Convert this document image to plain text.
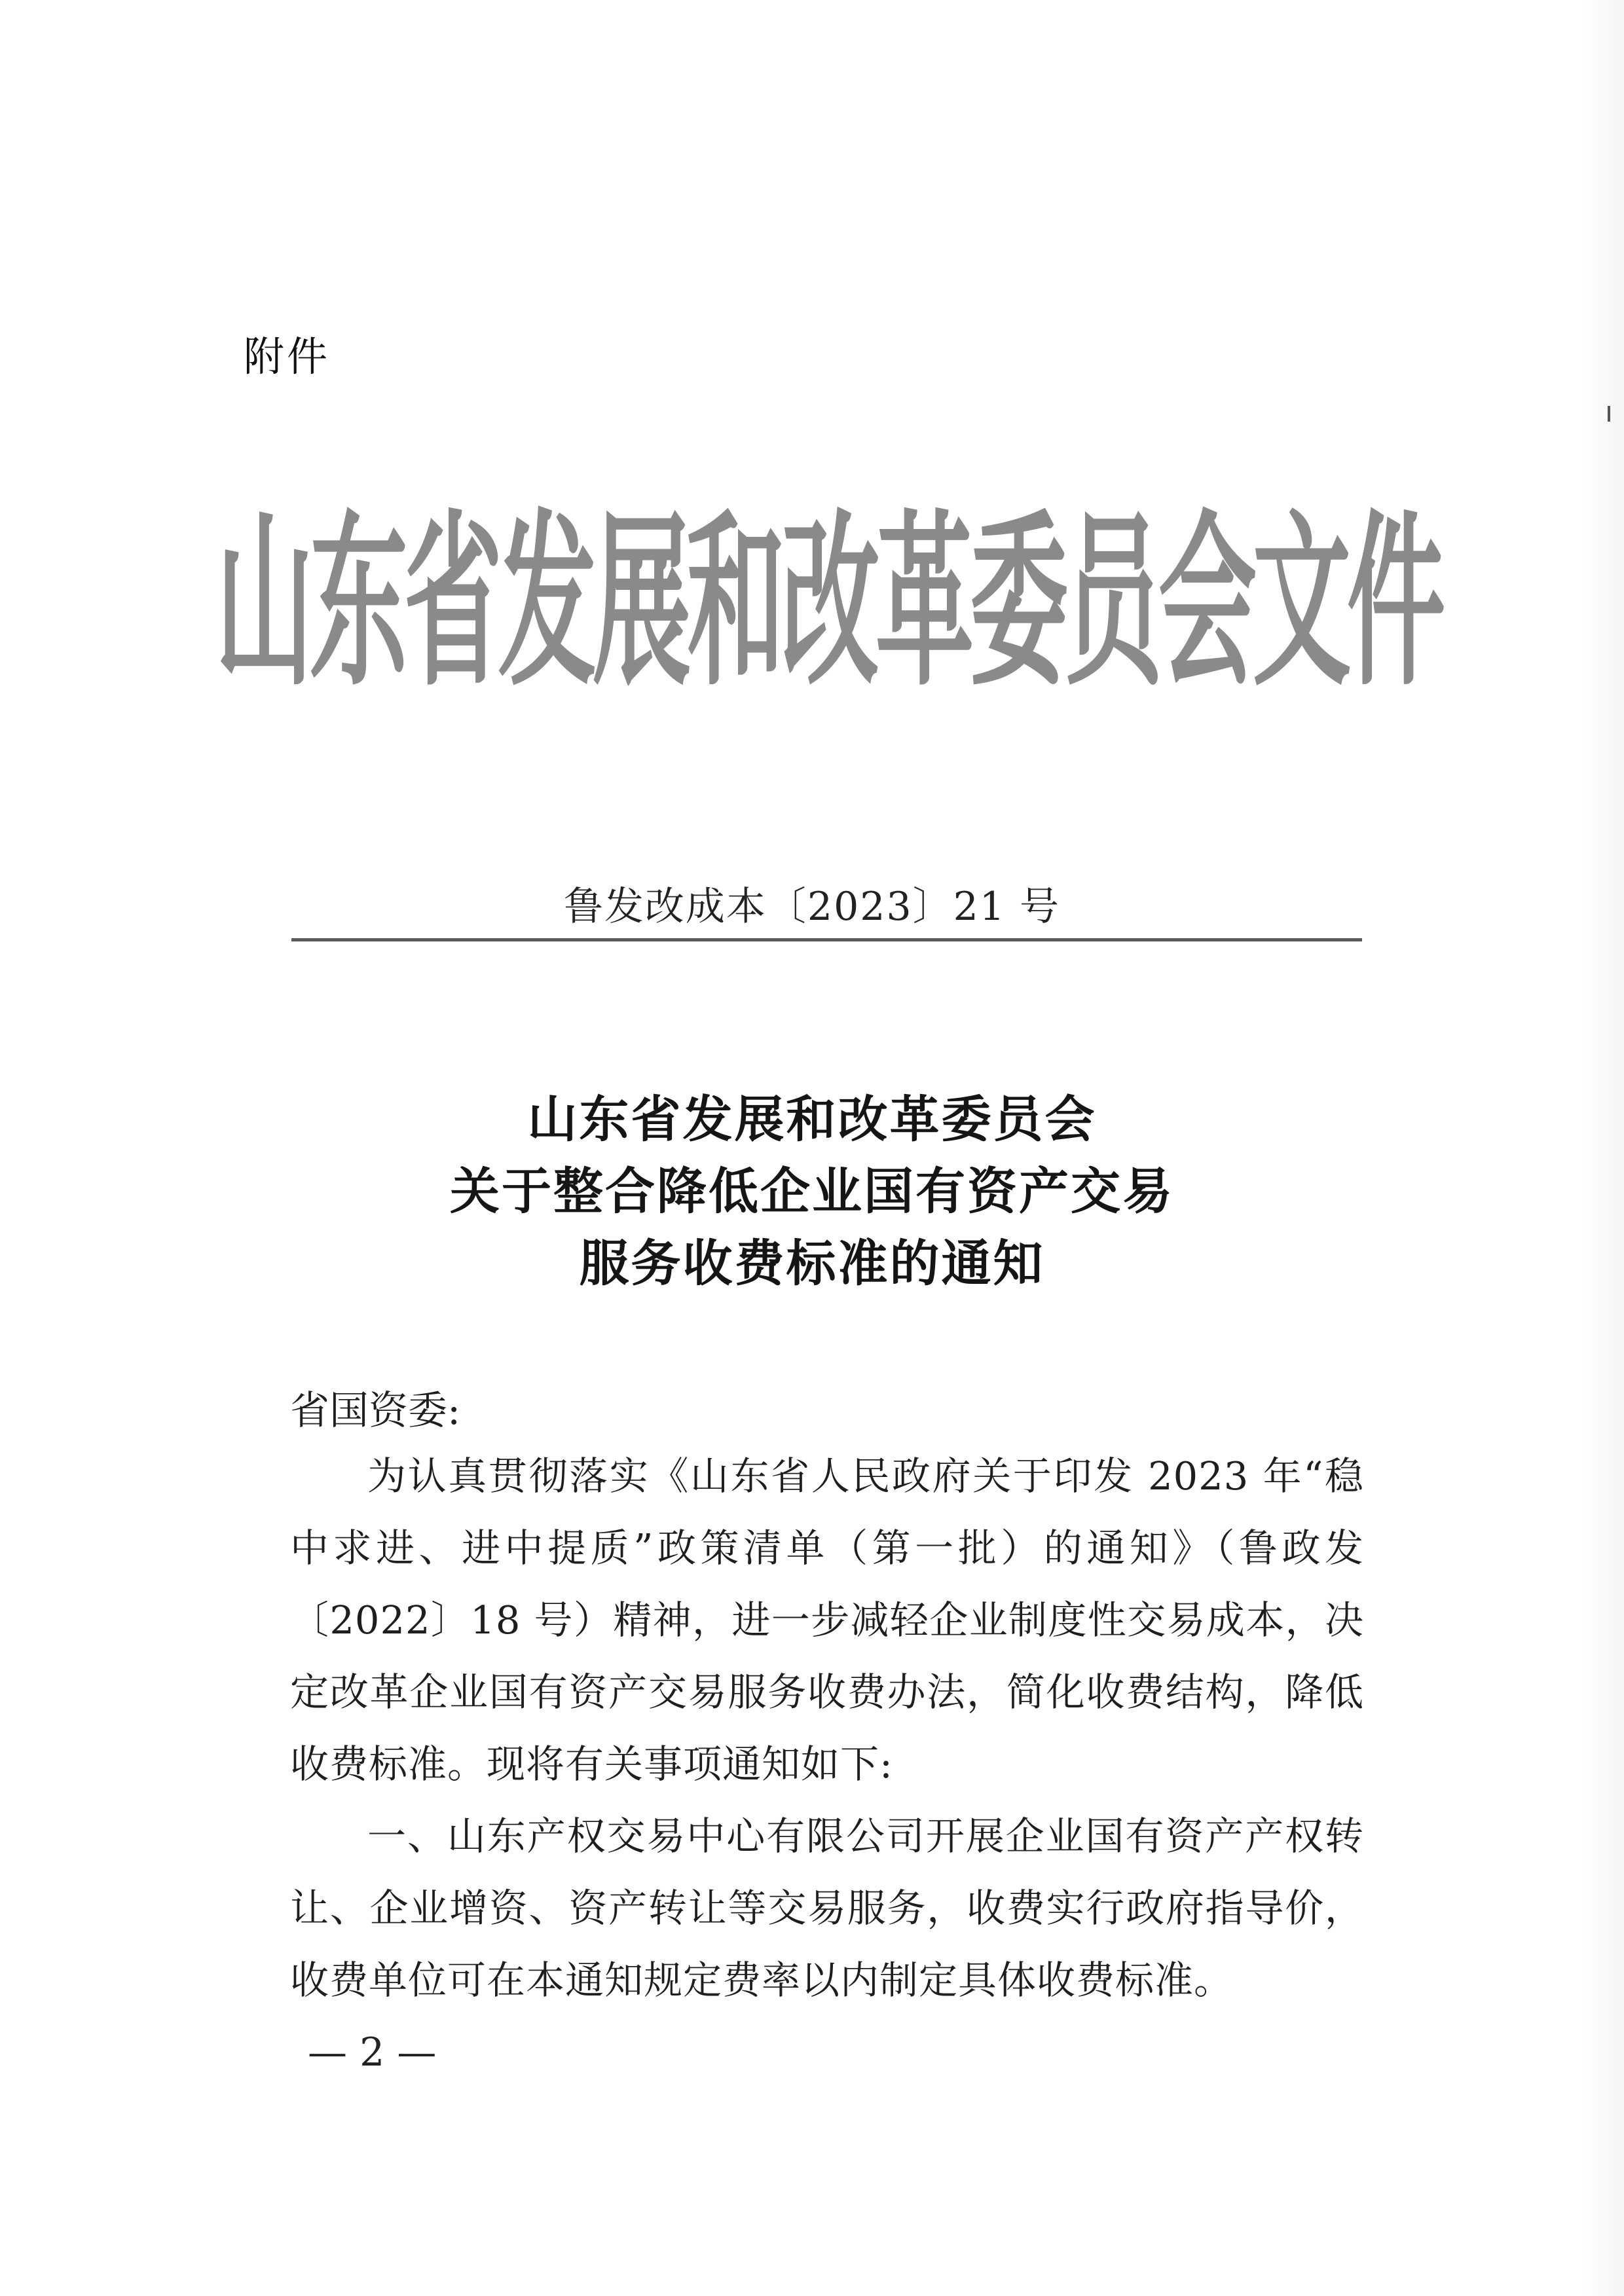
附件
山东省发展和改革委员会文件
鲁发改成本〔2023〕21 号
山东省发展和改革委员会
关于整合降低企业国有资产交易
服务收费标准的通知
省国资委:

为认真贯彻落实《山东省人民政府关于印发 2023 年“稳中求进、进中提质”政策清单（第一批）的通知》（鲁政发〔2022〕18 号）精神，进一步减轻企业制度性交易成本，决定改革企业国有资产交易服务收费办法，简化收费结构，降低收费标准。现将有关事项通知如下:

一、山东产权交易中心有限公司开展企业国有资产产权转让、企业增资、资产转让等交易服务，收费实行政府指导价，收费单位可在本通知规定费率以内制定具体收费标准。

— 2 —
